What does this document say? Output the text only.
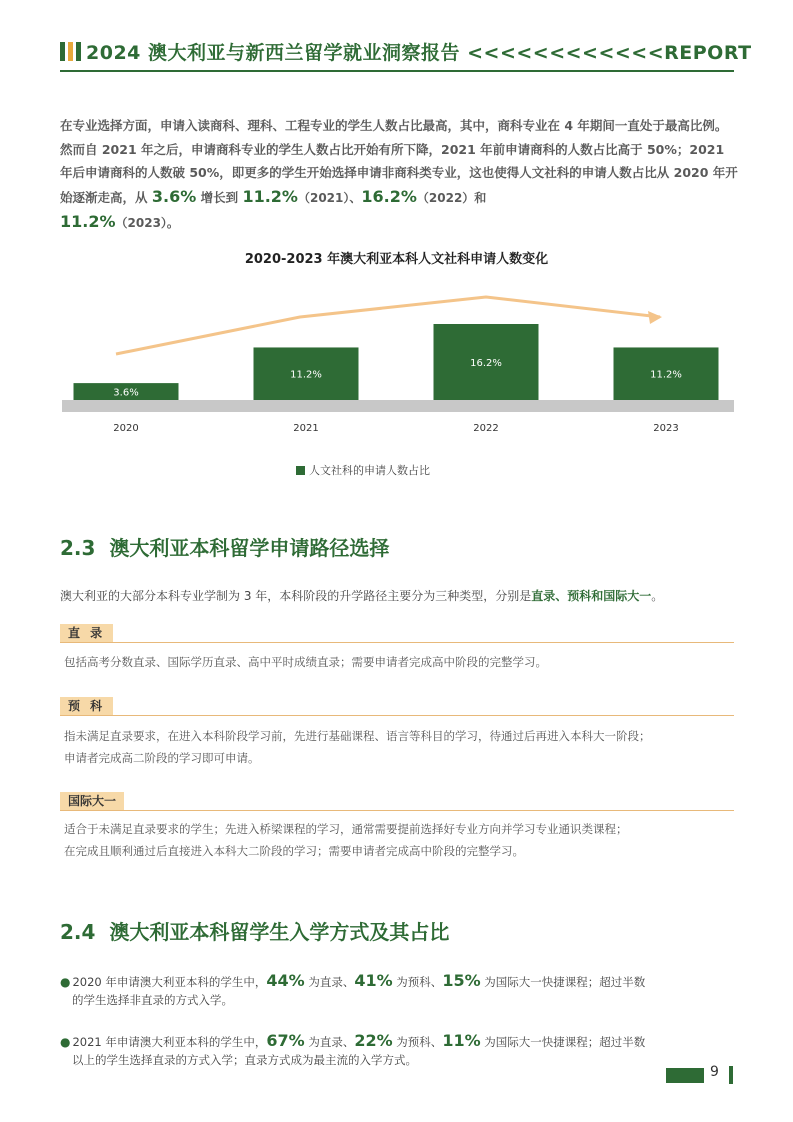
2024 澳大利亚与新西兰留学就业洞察报告 <<<<<<<<<<<<REPORT
在专业选择方面，申请入读商科、理科、工程专业的学生人数占比最高，其中，商科专业在 4 年期间一直处于最高比例。然而自 2021 年之后，申请商科专业的学生人数占比开始有所下降，2021 年前申请商科的人数占比高于 50%；2021 年后申请商科的人数破 50%，即更多的学生开始选择申请非商科类专业，这也使得人文社科的申请人数占比从 2020 年开始逐渐走高，从 3.6% 增长到 11.2%（2021）、16.2%（2022）和
11.2%（2023）。
2020-2023 年澳大利亚本科人文社科申请人数变化
3.6%
2020
11.2%
2021
16.2%
2022
11.2%
2023
人文社科的申请人数占比
2.3 澳大利亚本科留学申请路径选择
澳大利亚的大部分本科专业学制为 3 年，本科阶段的升学路径主要分为三种类型，分别是直录、预科和国际大一。
直 录
包括高考分数直录、国际学历直录、高中平时成绩直录；需要申请者完成高中阶段的完整学习。
预 科
指未满足直录要求，在进入本科阶段学习前，先进行基础课程、语言等科目的学习，待通过后再进入本科大一阶段；
申请者完成高二阶段的学习即可申请。
国际大一
适合于未满足直录要求的学生；先进入桥梁课程的学习，通常需要提前选择好专业方向并学习专业通识类课程；
在完成且顺利通过后直接进入本科大二阶段的学习；需要申请者完成高中阶段的完整学习。
2.4 澳大利亚本科留学生入学方式及其占比
● 2020 年申请澳大利亚本科的学生中，44% 为直录、41% 为预科、15% 为国际大一快捷课程；超过半数
的学生选择非直录的方式入学。
● 2021 年申请澳大利亚本科的学生中，67% 为直录、22% 为预科、11% 为国际大一快捷课程；超过半数
以上的学生选择直录的方式入学；直录方式成为最主流的入学方式。
9
